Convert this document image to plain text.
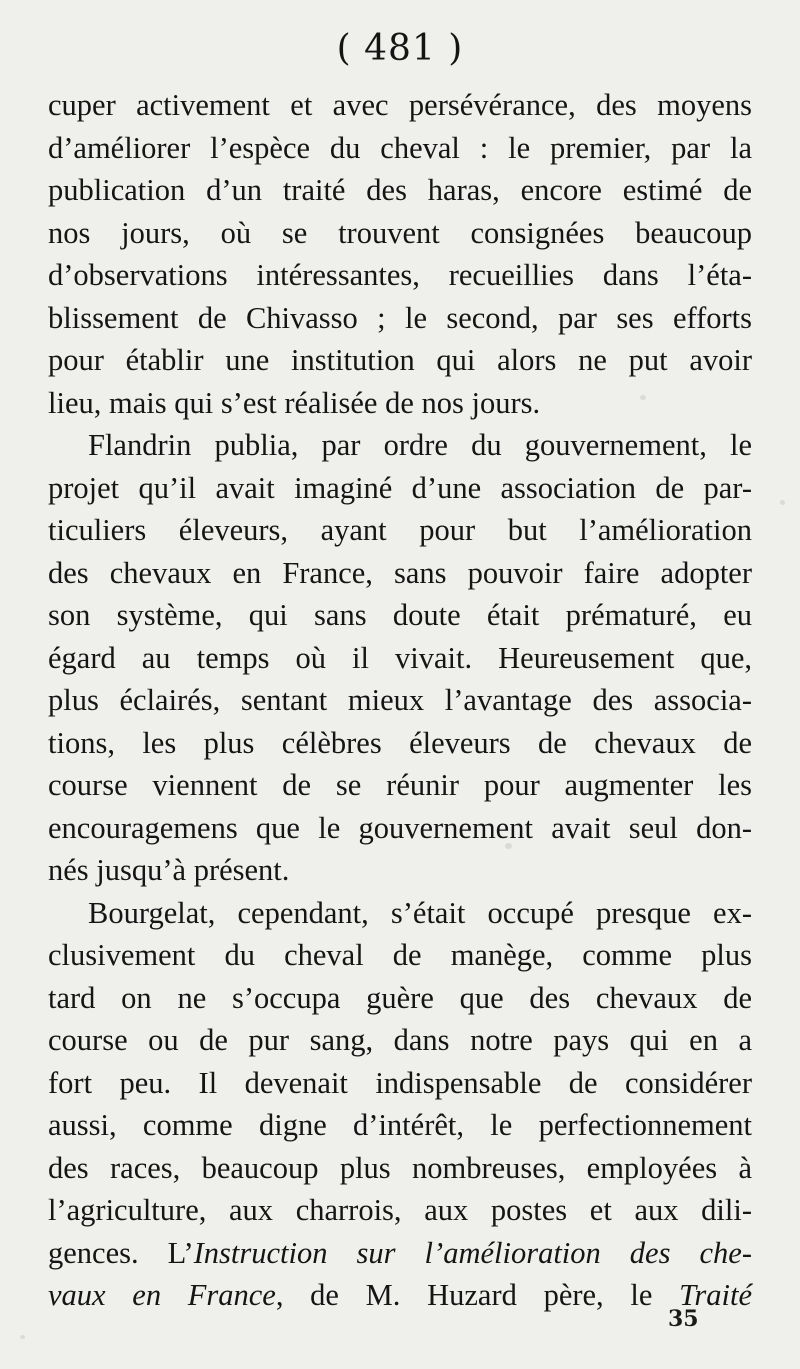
( 481 )
cuper activement et avec persévérance, des moyens
d’améliorer l’espèce du cheval : le premier, par la
publication d’un traité des haras, encore estimé de
nos jours, où se trouvent consignées beaucoup
d’observations intéressantes, recueillies dans l’éta-
blissement de Chivasso ; le second, par ses efforts
pour établir une institution qui alors ne put avoir
lieu, mais qui s’est réalisée de nos jours.
Flandrin publia, par ordre du gouvernement, le
projet qu’il avait imaginé d’une association de par-
ticuliers éleveurs, ayant pour but l’amélioration
des chevaux en France, sans pouvoir faire adopter
son système, qui sans doute était prématuré, eu
égard au temps où il vivait. Heureusement que,
plus éclairés, sentant mieux l’avantage des associa-
tions, les plus célèbres éleveurs de chevaux de
course viennent de se réunir pour augmenter les
encouragemens que le gouvernement avait seul don-
nés jusqu’à présent.
Bourgelat, cependant, s’était occupé presque ex-
clusivement du cheval de manège, comme plus
tard on ne s’occupa guère que des chevaux de
course ou de pur sang, dans notre pays qui en a
fort peu. Il devenait indispensable de considérer
aussi, comme digne d’intérêt, le perfectionnement
des races, beaucoup plus nombreuses, employées à
l’agriculture, aux charrois, aux postes et aux dili-
gences. L’Instruction sur l’amélioration des che-
vaux en France, de M. Huzard père, le Traité
35
